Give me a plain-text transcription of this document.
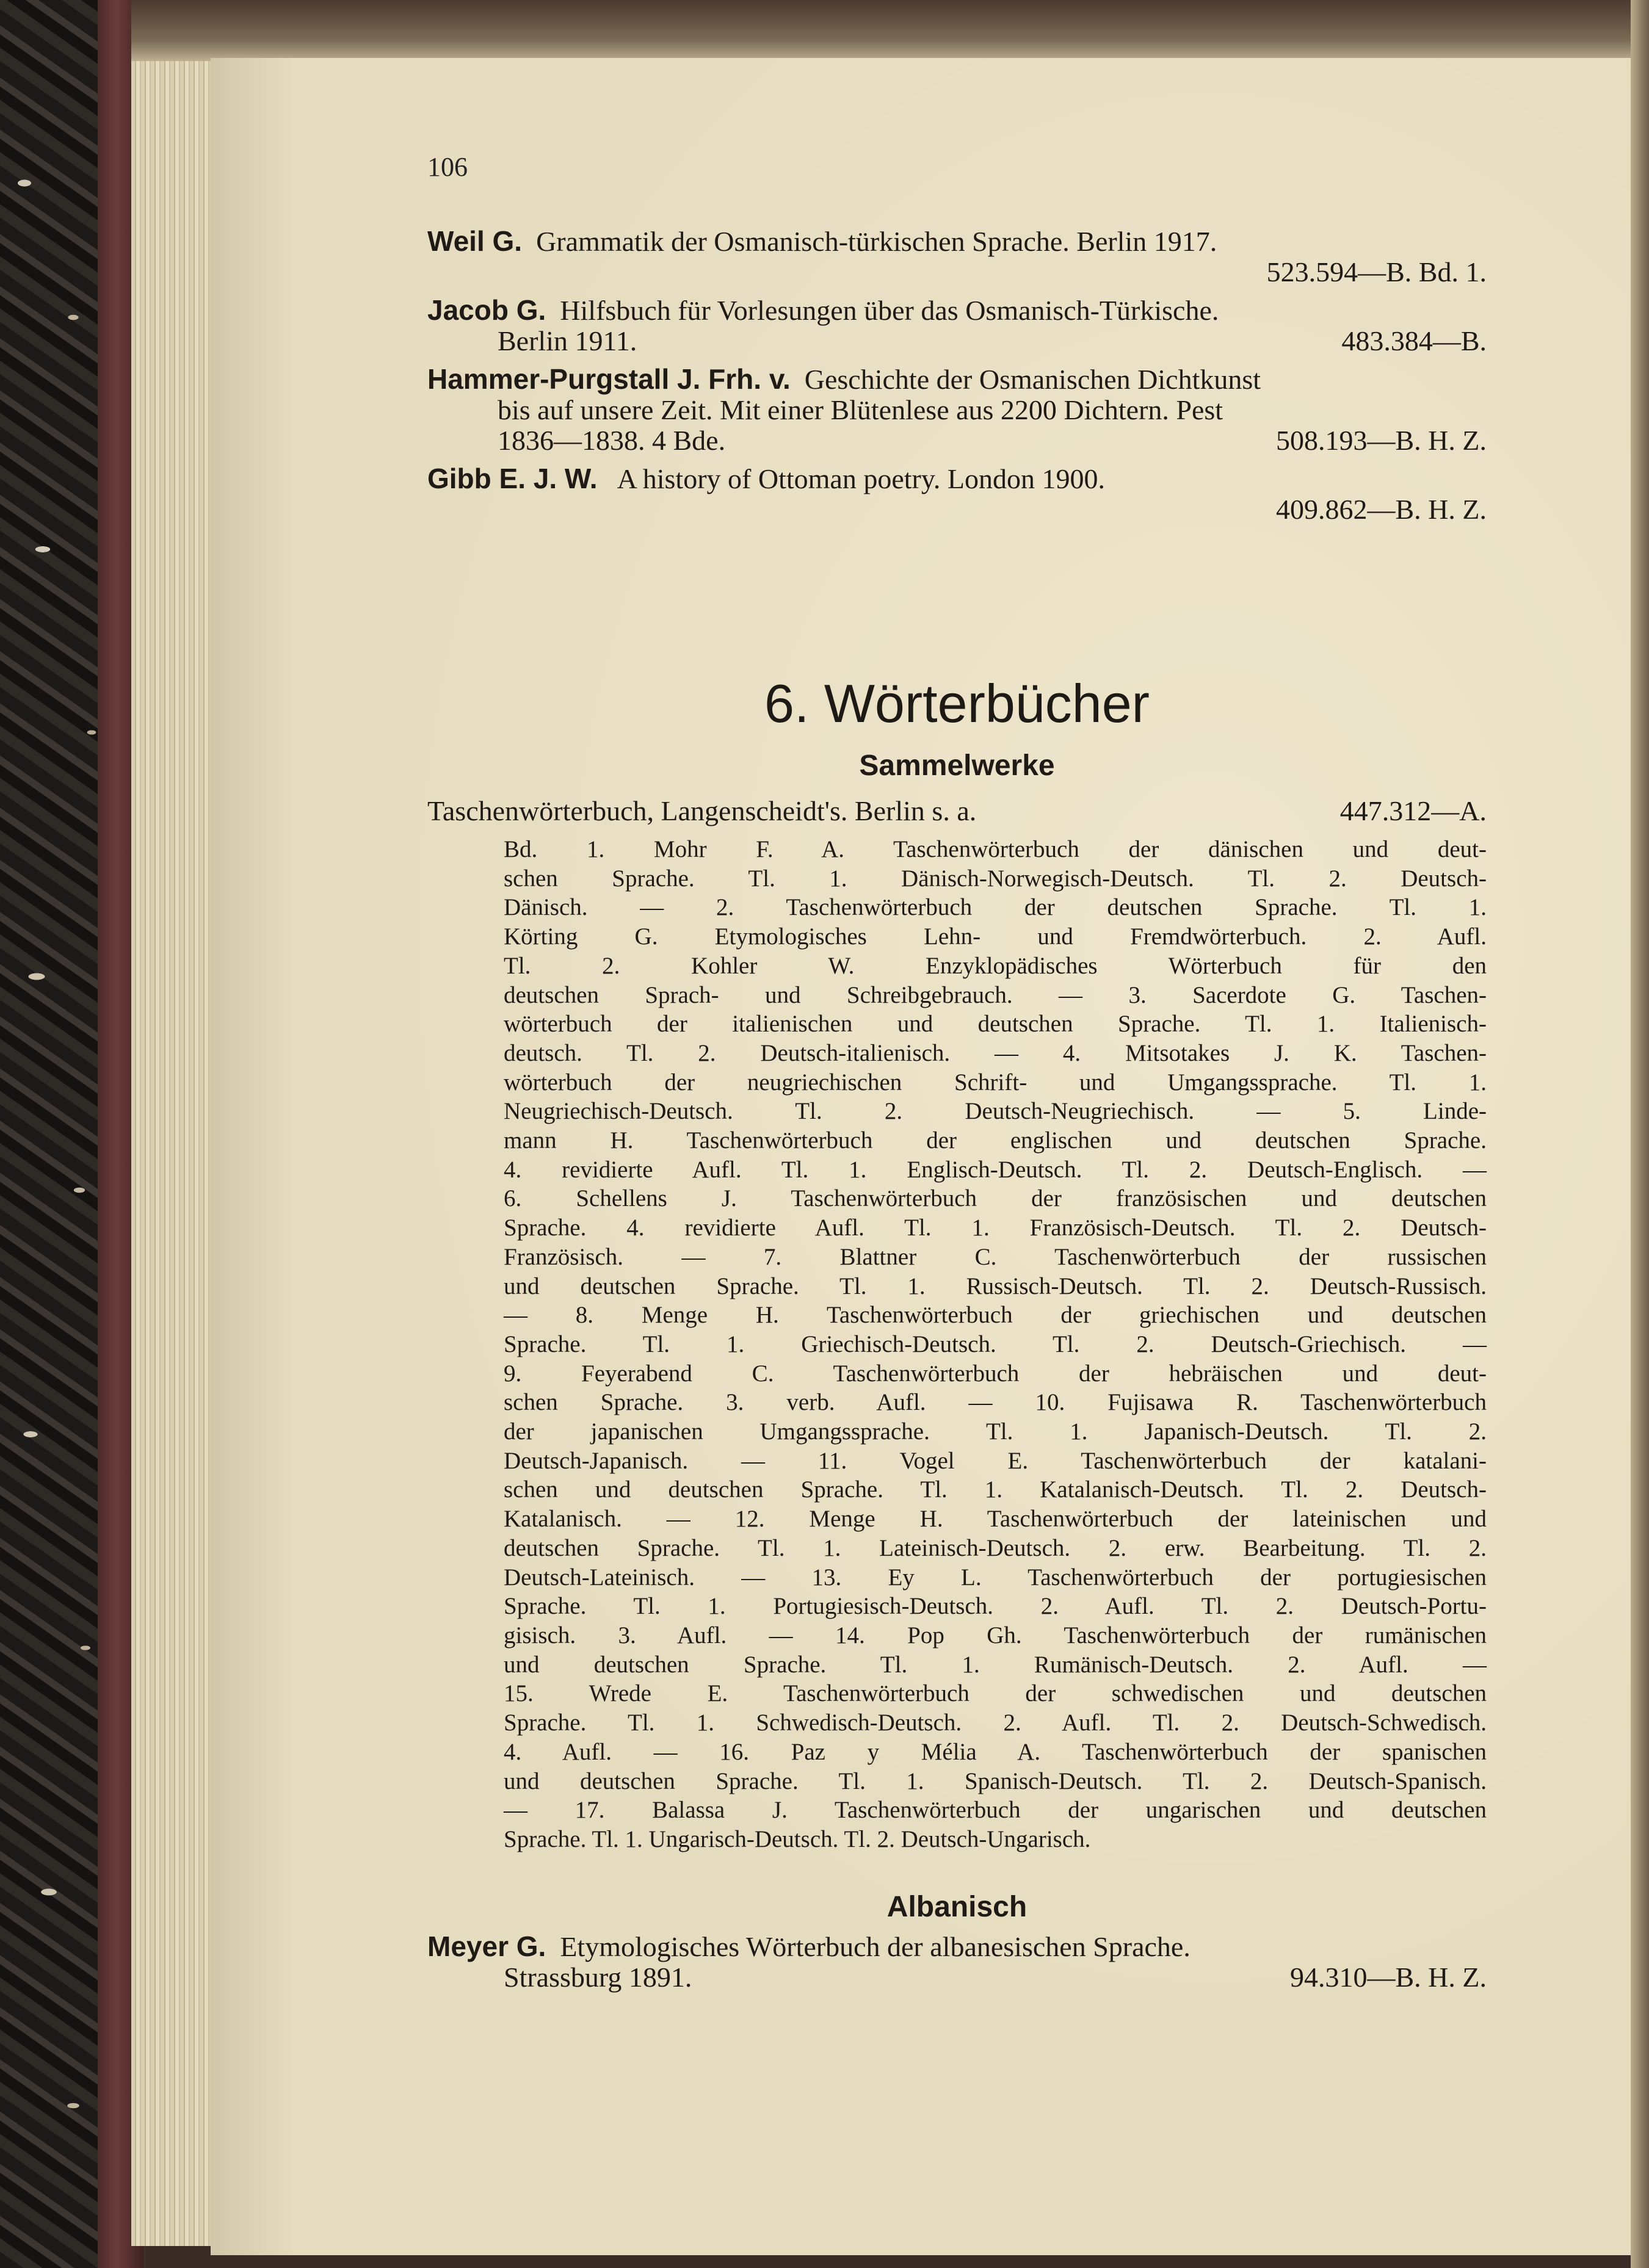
106
Weil G. Grammatik der Osmanisch-türkischen Sprache. Berlin 1917.
523.594—B. Bd. 1.
Jacob G. Hilfsbuch für Vorlesungen über das Osmanisch-Türkische.
Berlin 1911.	483.384—B.
Hammer-Purgstall J. Frh. v. Geschichte der Osmanischen Dichtkunst
bis auf unsere Zeit. Mit einer Blütenlese aus 2200 Dichtern. Pest
1836—1838. 4 Bde.	508.193—B. H. Z.
Gibb E. J. W. A history of Ottoman poetry. London 1900.
409.862—B. H. Z.
6. Wörterbücher
Sammelwerke
Taschenwörterbuch, Langenscheidt's. Berlin s. a.	447.312—A.
Bd. 1. Mohr F. A. Taschenwörterbuch der dänischen und deut-
schen Sprache. Tl. 1. Dänisch-Norwegisch-Deutsch. Tl. 2. Deutsch-
Dänisch. — 2. Taschenwörterbuch der deutschen Sprache. Tl. 1.
Körting G. Etymologisches Lehn- und Fremdwörterbuch. 2. Aufl.
Tl. 2. Kohler W. Enzyklopädisches Wörterbuch für den
deutschen Sprach- und Schreibgebrauch. — 3. Sacerdote G. Taschen-
wörterbuch der italienischen und deutschen Sprache. Tl. 1. Italienisch-
deutsch. Tl. 2. Deutsch-italienisch. — 4. Mitsotakes J. K. Taschen-
wörterbuch der neugriechischen Schrift- und Umgangssprache. Tl. 1.
Neugriechisch-Deutsch. Tl. 2. Deutsch-Neugriechisch. — 5. Linde-
mann H. Taschenwörterbuch der englischen und deutschen Sprache.
4. revidierte Aufl. Tl. 1. Englisch-Deutsch. Tl. 2. Deutsch-Englisch. —
6. Schellens J. Taschenwörterbuch der französischen und deutschen
Sprache. 4. revidierte Aufl. Tl. 1. Französisch-Deutsch. Tl. 2. Deutsch-
Französisch. — 7. Blattner C. Taschenwörterbuch der russischen
und deutschen Sprache. Tl. 1. Russisch-Deutsch. Tl. 2. Deutsch-Russisch.
— 8. Menge H. Taschenwörterbuch der griechischen und deutschen
Sprache. Tl. 1. Griechisch-Deutsch. Tl. 2. Deutsch-Griechisch. —
9. Feyerabend C. Taschenwörterbuch der hebräischen und deut-
schen Sprache. 3. verb. Aufl. — 10. Fujisawa R. Taschenwörterbuch
der japanischen Umgangssprache. Tl. 1. Japanisch-Deutsch. Tl. 2.
Deutsch-Japanisch. — 11. Vogel E. Taschenwörterbuch der katalani-
schen und deutschen Sprache. Tl. 1. Katalanisch-Deutsch. Tl. 2. Deutsch-
Katalanisch. — 12. Menge H. Taschenwörterbuch der lateinischen und
deutschen Sprache. Tl. 1. Lateinisch-Deutsch. 2. erw. Bearbeitung. Tl. 2.
Deutsch-Lateinisch. — 13. Ey L. Taschenwörterbuch der portugiesischen
Sprache. Tl. 1. Portugiesisch-Deutsch. 2. Aufl. Tl. 2. Deutsch-Portu-
gisisch. 3. Aufl. — 14. Pop Gh. Taschenwörterbuch der rumänischen
und deutschen Sprache. Tl. 1. Rumänisch-Deutsch. 2. Aufl. —
15. Wrede E. Taschenwörterbuch der schwedischen und deutschen
Sprache. Tl. 1. Schwedisch-Deutsch. 2. Aufl. Tl. 2. Deutsch-Schwedisch.
4. Aufl. — 16. Paz y Mélia A. Taschenwörterbuch der spanischen
und deutschen Sprache. Tl. 1. Spanisch-Deutsch. Tl. 2. Deutsch-Spanisch.
— 17. Balassa J. Taschenwörterbuch der ungarischen und deutschen
Sprache. Tl. 1. Ungarisch-Deutsch. Tl. 2. Deutsch-Ungarisch.
Albanisch
Meyer G. Etymologisches Wörterbuch der albanesischen Sprache.
Strassburg 1891.	94.310—B. H. Z.
